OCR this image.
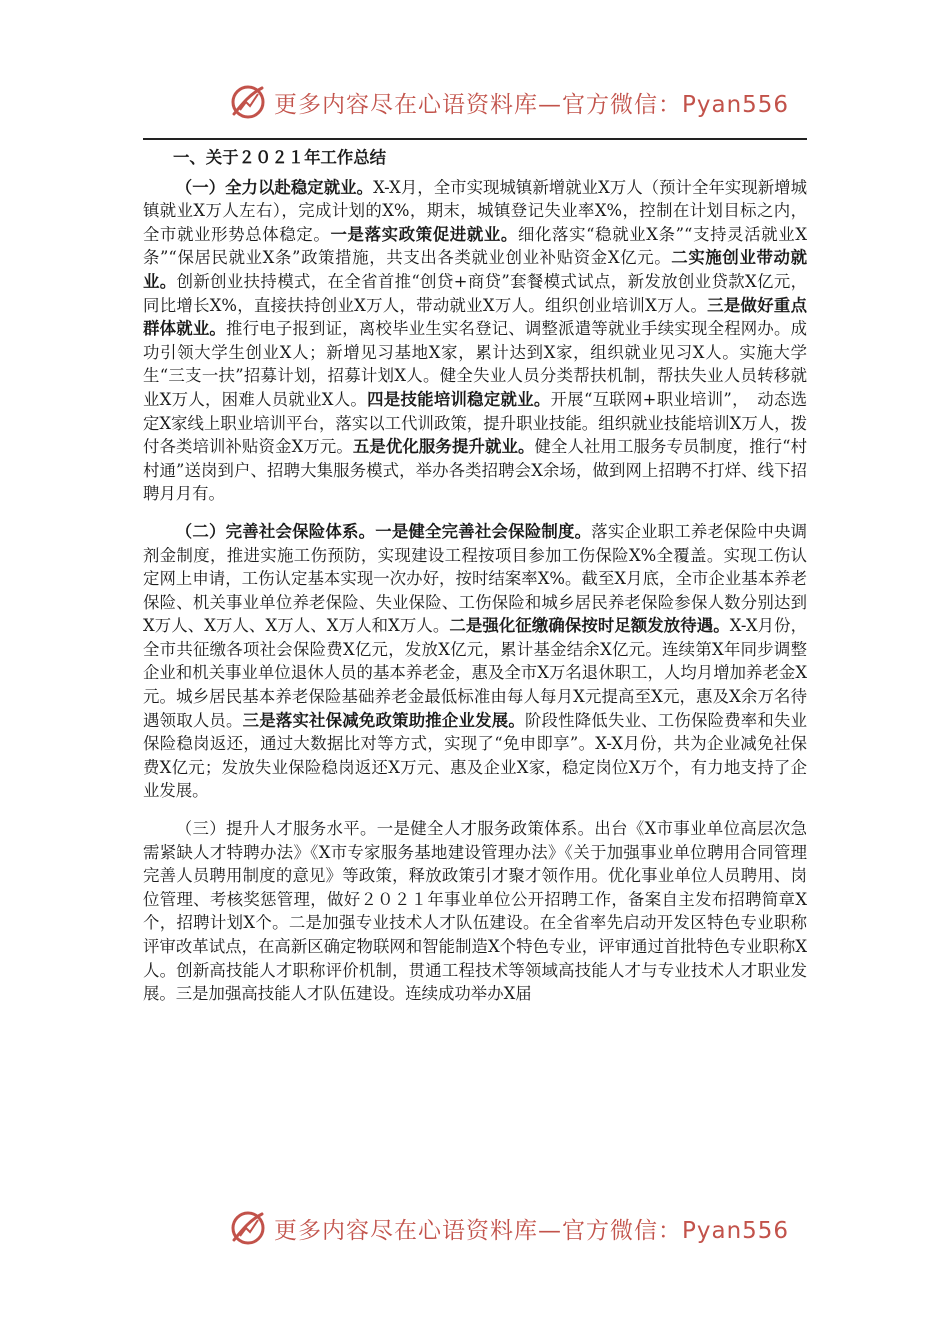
更多内容尽在心语资料库—官方微信：Pyan556

一、关于２０２１年工作总结

（一）全力以赴稳定就业。X-X月，全市实现城镇新增就业X万人（预计全年实现新增城镇就业X万人左右），完成计划的X%，期末，城镇登记失业率X%，控制在计划目标之内，全市就业形势总体稳定。一是落实政策促进就业。细化落实“稳就业X条”“支持灵活就业X条”“保居民就业X条”政策措施，共支出各类就业创业补贴资金X亿元。二实施创业带动就业。创新创业扶持模式，在全省首推“创贷+商贷”套餐模式试点，新发放创业贷款X亿元，同比增长X%，直接扶持创业X万人，带动就业X万人。组织创业培训X万人。三是做好重点群体就业。推行电子报到证，离校毕业生实名登记、调整派遣等就业手续实现全程网办。成功引领大学生创业X人；新增见习基地X家，累计达到X家，组织就业见习X人。实施大学生“三支一扶”招募计划，招募计划X人。健全失业人员分类帮扶机制，帮扶失业人员转移就业X万人，困难人员就业X人。四是技能培训稳定就业。开展“互联网+职业培训”，　动态选定X家线上职业培训平台，落实以工代训政策，提升职业技能。组织就业技能培训X万人，拨付各类培训补贴资金X万元。五是优化服务提升就业。健全人社用工服务专员制度，推行“村村通”送岗到户、招聘大集服务模式，举办各类招聘会X余场，做到网上招聘不打烊、线下招聘月月有。

（二）完善社会保险体系。一是健全完善社会保险制度。落实企业职工养老保险中央调剂金制度，推进实施工伤预防，实现建设工程按项目参加工伤保险X%全覆盖。实现工伤认定网上申请，工伤认定基本实现一次办好，按时结案率X%。截至X月底，全市企业基本养老保险、机关事业单位养老保险、失业保险、工伤保险和城乡居民养老保险参保人数分别达到X万人、X万人、X万人、X万人和X万人。二是强化征缴确保按时足额发放待遇。X-X月份，全市共征缴各项社会保险费X亿元，发放X亿元，累计基金结余X亿元。连续第X年同步调整企业和机关事业单位退休人员的基本养老金，惠及全市X万名退休职工，人均月增加养老金X元。城乡居民基本养老保险基础养老金最低标准由每人每月X元提高至X元，惠及X余万名待遇领取人员。三是落实社保减免政策助推企业发展。阶段性降低失业、工伤保险费率和失业保险稳岗返还，通过大数据比对等方式，实现了“免申即享”。X-X月份，共为企业减免社保费X亿元；发放失业保险稳岗返还X万元、惠及企业X家，稳定岗位X万个，有力地支持了企业发展。

（三）提升人才服务水平。一是健全人才服务政策体系。出台《X市事业单位高层次急需紧缺人才特聘办法》《X市专家服务基地建设管理办法》《关于加强事业单位聘用合同管理完善人员聘用制度的意见》等政策，释放政策引才聚才领作用。优化事业单位人员聘用、岗位管理、考核奖惩管理，做好２０２１年事业单位公开招聘工作，备案自主发布招聘简章X个，招聘计划X个。二是加强专业技术人才队伍建设。在全省率先启动开发区特色专业职称评审改革试点，在高新区确定物联网和智能制造X个特色专业，评审通过首批特色专业职称X人。创新高技能人才职称评价机制，贯通工程技术等领域高技能人才与专业技术人才职业发展。三是加强高技能人才队伍建设。连续成功举办X届

更多内容尽在心语资料库—官方微信：Pyan556
